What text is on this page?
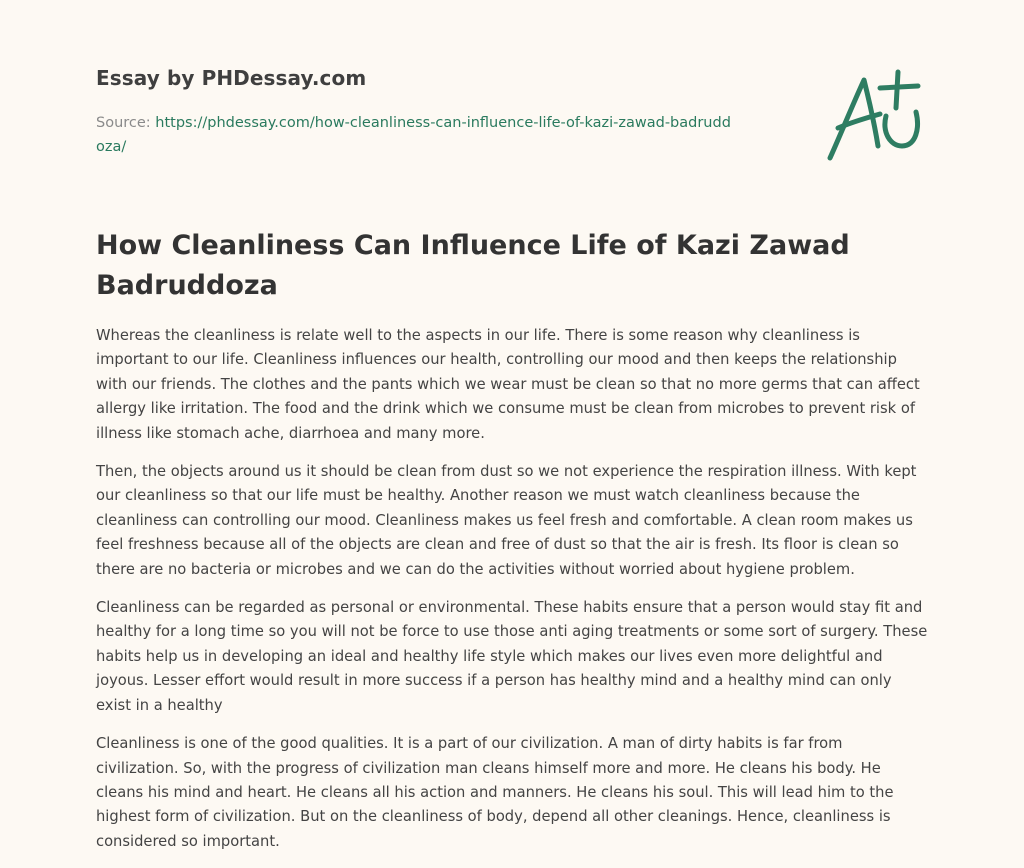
Essay by PHDessay.com
Source: https://phdessay.com/how-cleanliness-can-influence-life-of-kazi-zawad-badruddoza/
How Cleanliness Can Influence Life of Kazi Zawad Badruddoza

Whereas the cleanliness is relate well to the aspects in our life. There is some reason why cleanliness is important to our life. Cleanliness influences our health, controlling our mood and then keeps the relationship with our friends. The clothes and the pants which we wear must be clean so that no more germs that can affect allergy like irritation. The food and the drink which we consume must be clean from microbes to prevent risk of illness like stomach ache, diarrhoea and many more.

Then, the objects around us it should be clean from dust so we not experience the respiration illness. With kept our cleanliness so that our life must be healthy. Another reason we must watch cleanliness because the cleanliness can controlling our mood. Cleanliness makes us feel fresh and comfortable. A clean room makes us feel freshness because all of the objects are clean and free of dust so that the air is fresh. Its floor is clean so there are no bacteria or microbes and we can do the activities without worried about hygiene problem.

Cleanliness can be regarded as personal or environmental. These habits ensure that a person would stay fit and healthy for a long time so you will not be force to use those anti aging treatments or some sort of surgery. These habits help us in developing an ideal and healthy life style which makes our lives even more delightful and joyous. Lesser effort would result in more success if a person has healthy mind and a healthy mind can only exist in a healthy

Cleanliness is one of the good qualities. It is a part of our civilization. A man of dirty habits is far from civilization. So, with the progress of civilization man cleans himself more and more. He cleans his body. He cleans his mind and heart. He cleans all his action and manners. He cleans his soul. This will lead him to the highest form of civilization. But on the cleanliness of body, depend all other cleanings. Hence, cleanliness is considered so important.
